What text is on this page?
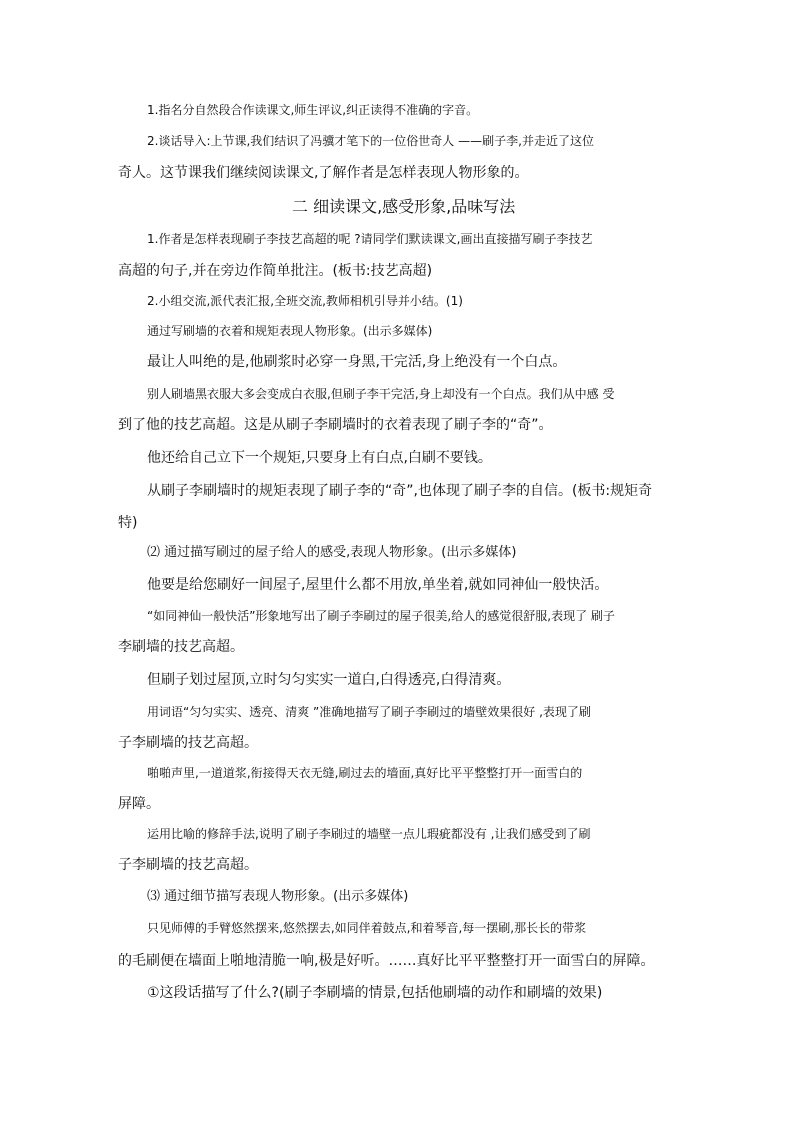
1.指名分自然段合作读课文,师生评议,纠正读得不准确的字音。
2.谈话导入:上节课,我们结识了冯骥才笔下的一位俗世奇人 ——刷子李,并走近了这位
奇人。这节课我们继续阅读课文,了解作者是怎样表现人物形象的。
二 细读课文,感受形象,品味写法
1.作者是怎样表现刷子李技艺高超的呢 ?请同学们默读课文,画出直接描写刷子李技艺
高超的句子,并在旁边作简单批注。(板书:技艺高超)
2.小组交流,派代表汇报,全班交流,教师相机引导并小结。(1)
通过写刷墙的衣着和规矩表现人物形象。(出示多媒体)
最让人叫绝的是,他刷浆时必穿一身黑,干完活,身上绝没有一个白点。
别人刷墙黑衣服大多会变成白衣服,但刷子李干完活,身上却没有一个白点。我们从中感 受
到了他的技艺高超。这是从刷子李刷墙时的衣着表现了刷子李的“奇”。
他还给自己立下一个规矩,只要身上有白点,白刷不要钱。
从刷子李刷墙时的规矩表现了刷子李的“奇”,也体现了刷子李的自信。(板书:规矩奇
特)
⑵ 通过描写刷过的屋子给人的感受,表现人物形象。(出示多媒体)
他要是给您刷好一间屋子,屋里什么都不用放,单坐着,就如同神仙一般快活。
“如同神仙一般快活”形象地写出了刷子李刷过的屋子很美,给人的感觉很舒服,表现了 刷子
李刷墙的技艺高超。
但刷子划过屋顶,立时匀匀实实一道白,白得透亮,白得清爽。
用词语“匀匀实实、透亮、清爽 ”准确地描写了刷子李刷过的墙壁效果很好 ,表现了刷
子李刷墙的技艺高超。
啪啪声里,一道道浆,衔接得天衣无缝,刷过去的墙面,真好比平平整整打开一面雪白的
屏障。
运用比喻的修辞手法,说明了刷子李刷过的墙壁一点儿瑕疵都没有 ,让我们感受到了刷
子李刷墙的技艺高超。
⑶ 通过细节描写表现人物形象。(出示多媒体)
只见师傅的手臂悠然摆来,悠然摆去,如同伴着鼓点,和着琴音,每一摆刷,那长长的带浆
的毛刷便在墙面上啪地清脆一响,极是好听。……真好比平平整整打开一面雪白的屏障。
①这段话描写了什么?(刷子李刷墙的情景,包括他刷墙的动作和刷墙的效果)
